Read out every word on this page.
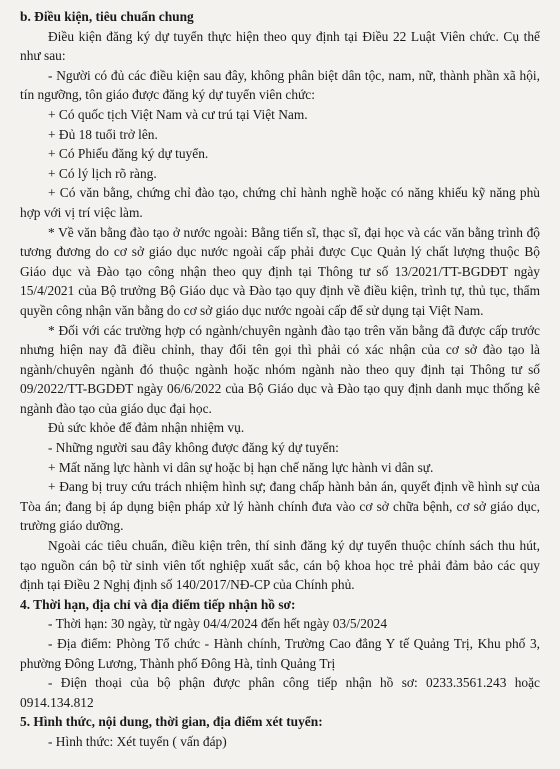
b. Điều kiện, tiêu chuẩn chung

Điều kiện đăng ký dự tuyển thực hiện theo quy định tại Điều 22 Luật Viên chức. Cụ thể như sau:

- Người có đủ các điều kiện sau đây, không phân biệt dân tộc, nam, nữ, thành phần xã hội, tín ngưỡng, tôn giáo được đăng ký dự tuyển viên chức:

+ Có quốc tịch Việt Nam và cư trú tại Việt Nam.

+ Đủ 18 tuổi trở lên.

+ Có Phiếu đăng ký dự tuyển.

+ Có lý lịch rõ ràng.

+ Có văn bằng, chứng chỉ đào tạo, chứng chỉ hành nghề hoặc có năng khiếu kỹ năng phù hợp với vị trí việc làm.

* Về văn bằng đào tạo ở nước ngoài: Bằng tiến sĩ, thạc sĩ, đại học và các văn bằng trình độ tương đương do cơ sở giáo dục nước ngoài cấp phải được Cục Quản lý chất lượng thuộc Bộ Giáo dục và Đào tạo công nhận theo quy định tại Thông tư số 13/2021/TT-BGDĐT ngày 15/4/2021 của Bộ trưởng Bộ Giáo dục và Đào tạo quy định về điều kiện, trình tự, thủ tục, thẩm quyền công nhận văn bằng do cơ sở giáo dục nước ngoài cấp để sử dụng tại Việt Nam.

* Đối với các trường hợp có ngành/chuyên ngành đào tạo trên văn bằng đã được cấp trước nhưng hiện nay đã điều chỉnh, thay đổi tên gọi thì phải có xác nhận của cơ sở đào tạo là ngành/chuyên ngành đó thuộc ngành hoặc nhóm ngành nào theo quy định tại Thông tư số 09/2022/TT-BGDĐT ngày 06/6/2022 của Bộ Giáo dục và Đào tạo quy định danh mục thống kê ngành đào tạo của giáo dục đại học.

Đủ sức khỏe để đảm nhận nhiệm vụ.

- Những người sau đây không được đăng ký dự tuyển:

+ Mất năng lực hành vi dân sự hoặc bị hạn chế năng lực hành vi dân sự.

+ Đang bị truy cứu trách nhiệm hình sự; đang chấp hành bản án, quyết định về hình sự của Tòa án; đang bị áp dụng biện pháp xử lý hành chính đưa vào cơ sở chữa bệnh, cơ sở giáo dục, trường giáo dưỡng.

Ngoài các tiêu chuẩn, điều kiện trên, thí sinh đăng ký dự tuyển thuộc chính sách thu hút, tạo nguồn cán bộ từ sinh viên tốt nghiệp xuất sắc, cán bộ khoa học trẻ phải đảm bảo các quy định tại Điều 2 Nghị định số 140/2017/NĐ-CP của Chính phủ.

4. Thời hạn, địa chỉ và địa điểm tiếp nhận hồ sơ:

- Thời hạn: 30 ngày, từ ngày 04/4/2024 đến hết ngày 03/5/2024

- Địa điểm: Phòng Tổ chức - Hành chính, Trường Cao đẳng Y tế Quảng Trị, Khu phố 3, phường Đông Lương, Thành phố Đông Hà, tỉnh Quảng Trị

- Điện thoại của bộ phận được phân công tiếp nhận hồ sơ: 0233.3561.243 hoặc 0914.134.812

5. Hình thức, nội dung, thời gian, địa điểm xét tuyển:

- Hình thức: Xét tuyển ( vấn đáp)
